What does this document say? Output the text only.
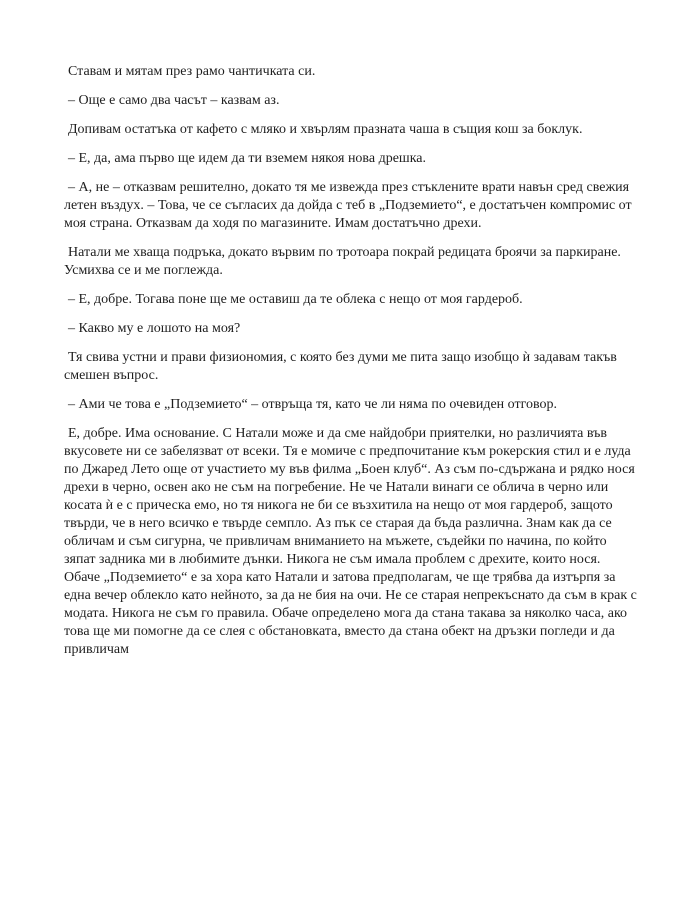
Ставам и мятам през рамо чантичката си.

– Още е само два часът – казвам аз.

Допивам остатъка от кафето с мляко и хвърлям празната чаша в същия кош за боклук.

– Е, да, ама първо ще идем да ти вземем някоя нова дрешка.

– А, не – отказвам решително, докато тя ме извежда през стъклените врати навън сред свежия летен въздух. – Това, че се съгласих да дойда с теб в „Подземието“, е достатъчен компромис от моя страна. Отказвам да ходя по магазините. Имам достатъчно дрехи.

Натали ме хваща подръка, докато вървим по тротоара покрай редицата броячи за паркиране. Усмихва се и ме поглежда.

– Е, добре. Тогава поне ще ме оставиш да те облека с нещо от моя гардероб.

– Какво му е лошото на моя?

Тя свива устни и прави физиономия, с която без думи ме пита защо изобщо ѝ задавам такъв смешен въпрос.

– Ами че това е „Подземието“ – отвръща тя, като че ли няма по очевиден отговор.

Е, добре. Има основание. С Натали може и да сме найдобри приятелки, но различията във вкусовете ни се забелязват от всеки. Тя е момиче с предпочитание към рокерския стил и е луда по Джаред Лето още от участието му във филма „Боен клуб“. Аз съм по-сдържана и рядко нося дрехи в черно, освен ако не съм на погребение. Не че Натали винаги се облича в черно или косата ѝ е с прическа емо, но тя никога не би се възхитила на нещо от моя гардероб, защото твърди, че в него всичко е твърде семпло. Аз пък се старая да бъда различна. Знам как да се обличам и съм сигурна, че привличам вниманието на мъжете, съдейки по начина, по който зяпат задника ми в любимите дънки. Никога не съм имала проблем с дрехите, които нося. Обаче „Подземието“ е за хора като Натали и затова предполагам, че ще трябва да изтърпя за една вечер облекло като нейното, за да не бия на очи. Не се старая непрекъснато да съм в крак с модата. Никога не съм го правила. Обаче определено мога да стана такава за няколко часа, ако това ще ми помогне да се слея с обстановката, вместо да стана обект на дръзки погледи и да привличам
